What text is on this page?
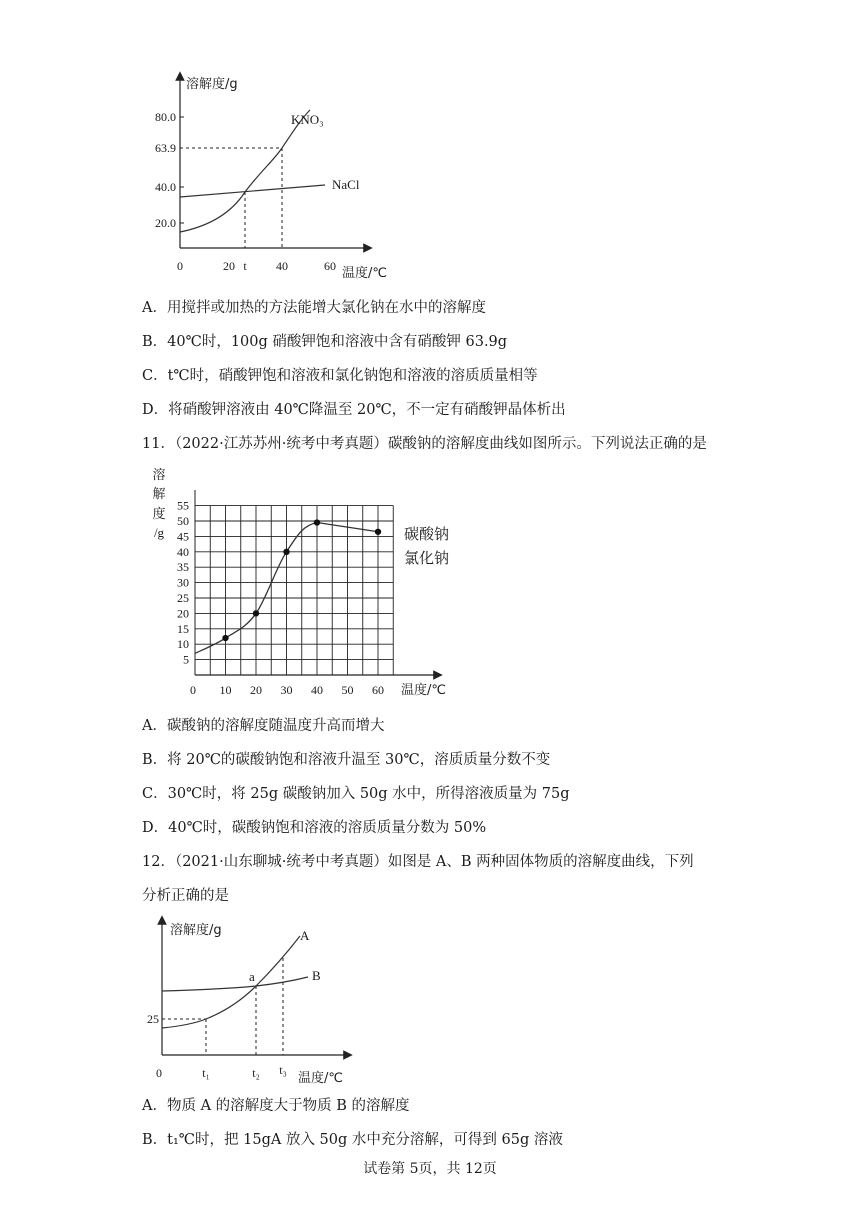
溶解度/g
80.0
63.9
40.0
20.0
0	20 t 40	60 温度/℃
KNO₃
NaCl
A．用搅拌或加热的方法能增大氯化钠在水中的溶解度
B．40℃时，100g 硝酸钾饱和溶液中含有硝酸钾 63.9g
C．t℃时，硝酸钾饱和溶液和氯化钠饱和溶液的溶质质量相等
D．将硝酸钾溶液由 40℃降温至 20℃，不一定有硝酸钾晶体析出
11．（2022·江苏苏州·统考中考真题）碳酸钠的溶解度曲线如图所示。下列说法正确的是
溶
解
度
/g
55
50
45
40
35
30
25
20
15
10
5
0 10 20 30 40 50 60 温度/℃
碳酸钠
氯化钠
A．碳酸钠的溶解度随温度升高而增大
B．将 20℃的碳酸钠饱和溶液升温至 30℃，溶质质量分数不变
C．30℃时，将 25g 碳酸钠加入 50g 水中，所得溶液质量为 75g
D．40℃时，碳酸钠饱和溶液的溶质质量分数为 50%
12．（2021·山东聊城·统考中考真题）如图是 A、B 两种固体物质的溶解度曲线，下列
分析正确的是
溶解度/g
25
A
B
a
0	t₁	t₂ t₃
温度/℃
A．物质 A 的溶解度大于物质 B 的溶解度
B．t₁℃时，把 15gA 放入 50g 水中充分溶解，可得到 65g 溶液
试卷第 5页，共 12页
